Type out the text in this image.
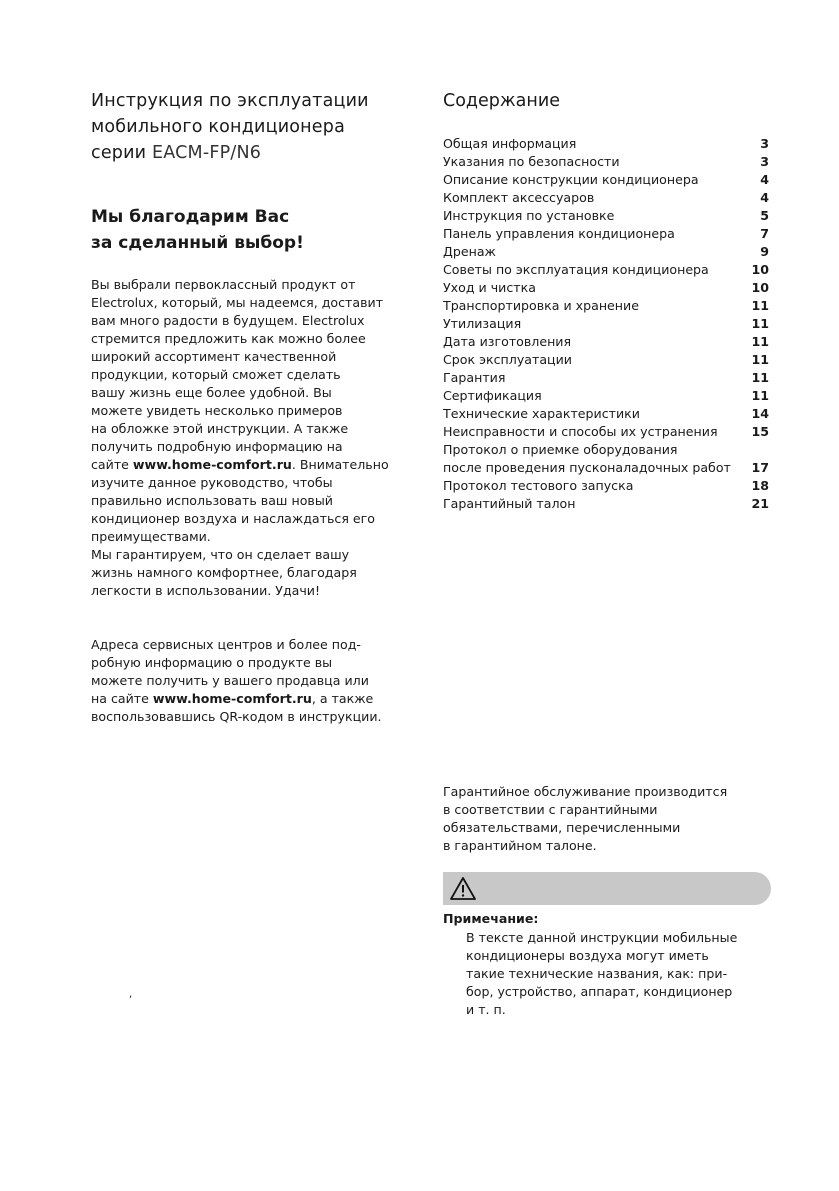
Инструкция по эксплуатации
мобильного кондиционера
серии EACM-FP/N6
Мы благодарим Вас
за сделанный выбор!

Вы выбрали первоклассный продукт от
Electrolux, который, мы надеемся, доставит
вам много радости в будущем. Electrolux
стремится предложить как можно более
широкий ассортимент качественной
продукции, который сможет сделать
вашу жизнь еще более удобной. Вы
можете увидеть несколько примеров
на обложке этой инструкции. А также
получить подробную информацию на
сайте www.home-comfort.ru. Внимательно
изучите данное руководство, чтобы
правильно использовать ваш новый
кондиционер воздуха и наслаждаться его
преимуществами.

Мы гарантируем, что он сделает вашу
жизнь намного комфортнее, благодаря
легкости в использовании. Удачи!

Адреса сервисных центров и более под-
робную информацию о продукте вы
можете получить у вашего продавца или
на сайте www.home-comfort.ru, а также
воспользовавшись QR-кодом в инструкции.
,
Содержание
Общая информация	3
Указания по безопасности	3
Описание конструкции кондиционера	4
Комплект аксессуаров	4
Инструкция по установке	5
Панель управления кондиционера	7
Дренаж	9
Советы по эксплуатация кондиционера	10
Уход и чистка	10
Транспортировка и хранение	11
Утилизация	11
Дата изготовления	11
Срок эксплуатации	11
Гарантия	11
Сертификация	11
Технические характеристики	14
Неисправности и способы их устранения	15
Протокол о приемке оборудования
после проведения пусконаладочных работ 17
Протокол тестового запуска	18
Гарантийный талон	21

Гарантийное обслуживание производится
в соответствии с гарантийными
обязательствами, перечисленными
в гарантийном талоне.

Примечание:

В тексте данной инструкции мобильные
кондиционеры воздуха могут иметь
такие технические названия, как: при-
бор, устройство, аппарат, кондиционер
и т. п.
